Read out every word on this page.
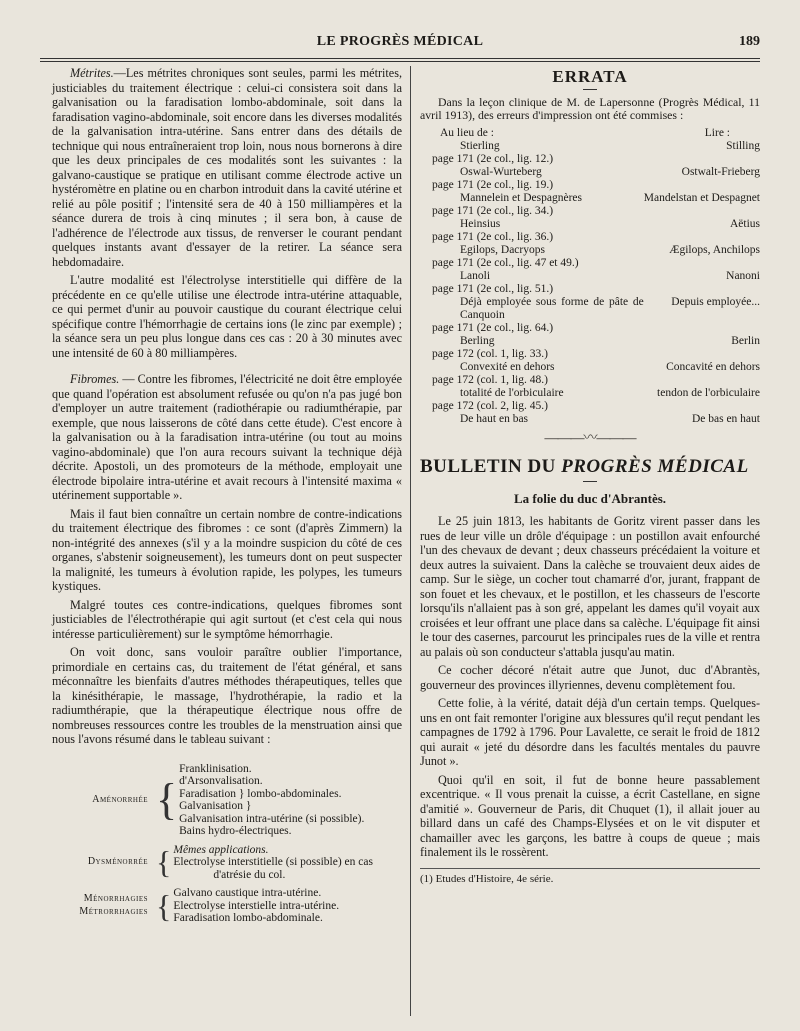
LE PROGRÈS MÉDICAL	189

Métrites.—Les métrites chroniques sont seules, parmi les métrites, justiciables du traitement électrique : celui-ci consistera soit dans la galvanisation ou la faradisation lombo-abdominale, soit dans la faradisation vagino-abdominale, soit encore dans les diverses modalités de la galvanisation intra-utérine. Sans entrer dans des détails de technique qui nous entraîneraient trop loin, nous nous bornerons à dire que les deux principales de ces modalités sont les suivantes : la galvano-caustique se pratique en utilisant comme électrode active un hystéromètre en platine ou en charbon introduit dans la cavité utérine et relié au pôle positif ; l'intensité sera de 40 à 150 milliampères et la séance durera de trois à cinq minutes ; il sera bon, à cause de l'adhérence de l'électrode aux tissus, de renverser le courant pendant quelques instants avant d'essayer de la retirer. La séance sera hebdomadaire.

L'autre modalité est l'électrolyse interstitielle qui diffère de la précédente en ce qu'elle utilise une électrode intra-utérine attaquable, ce qui permet d'unir au pouvoir caustique du courant électrique celui spécifique contre l'hémorrhagie de certains ions (le zinc par exemple) ; la séance sera un peu plus longue dans ces cas : 20 à 30 minutes avec une intensité de 60 à 80 milliampères.

Fibromes. — Contre les fibromes, l'électricité ne doit être employée que quand l'opération est absolument refusée ou qu'on n'a pas jugé bon d'employer un autre traitement (radiothérapie ou radiumthérapie, par exemple, que nous laisserons de côté dans cette étude). C'est encore à la galvanisation ou à la faradisation intra-utérine (ou tout au moins vagino-abdominale) que l'on aura recours suivant la technique déjà décrite. Apostoli, un des promoteurs de la méthode, employait une électrode bipolaire intra-utérine et avait recours à l'intensité maxima « utérinement supportable ».

Mais il faut bien connaître un certain nombre de contre-indications du traitement électrique des fibromes : ce sont (d'après Zimmern) la non-intégrité des annexes (s'il y a la moindre suspicion du côté de ces organes, s'abstenir soigneusement), les tumeurs dont on peut suspecter la malignité, les tumeurs à évolution rapide, les polypes, les tumeurs kystiques.

Malgré toutes ces contre-indications, quelques fibromes sont justiciables de l'électrothérapie qui agit surtout (et c'est cela qui nous intéresse particulièrement) sur le symptôme hémorrhagie.

On voit donc, sans vouloir paraître oublier l'importance, primordiale en certains cas, du traitement de l'état général, et sans méconnaître les bienfaits d'autres méthodes thérapeutiques, telles que la kinésithérapie, le massage, l'hydrothérapie, la radio et la radiumthérapie, que la thérapeutique électrique nous offre de nombreuses ressources contre les troubles de la menstruation ainsi que nous l'avons résumé dans le tableau suivant :

Aménorrhée {
Franklinisation.
d'Arsonvalisation.
Faradisation } lombo-abdominales.
Galvanisation }
Galvanisation intra-utérine (si possible).
Bains hydro-électriques.
Dysménorrée { Mêmes applications.
Electrolyse interstitielle (si possible) en cas
d'atrésie du col.
Ménorrhagies
Métrorrhagies { Galvano caustique intra-utérine.
Electrolyse interstielle intra-utérine.
Faradisation lombo-abdominale.
ERRATA

Dans la leçon clinique de M. de Lapersonne (Progrès Médical, 11 avril 1913), des erreurs d'impression ont été commises :

Au lieu de :	Lire :
Stierling	Stilling
page 171 (2e col., lig. 12.)	
Oswal-Wurteberg	Ostwalt-Frieberg
page 171 (2e col., lig. 19.)	
Mannelein et Despagnères	Mandelstan et Despagnet
page 171 (2e col., lig. 34.)	
Heinsius	Aëtius
page 171 (2e col., lig. 36.)	
Egilops, Dacryops	Ægilops, Anchilops
page 171 (2e col., lig. 47 et 49.)	
Lanoli	Nanoni
page 171 (2e col., lig. 51.)	
Déjà employée sous forme de pâte de Canquoin	Depuis employée...
page 171 (2e col., lig. 64.)	
Berling	Berlin
page 172 (col. 1, lig. 33.)	
Convexité en dehors	Concavité en dehors
page 172 (col. 1, lig. 48.)	
totalité de l'orbiculaire	tendon de l'orbiculaire
page 172 (col. 2, lig. 45.)	
De haut en bas	De bas en haut
———〰———
BULLETIN DU PROGRÈS MÉDICAL
La folie du duc d'Abrantès.

Le 25 juin 1813, les habitants de Goritz virent passer dans les rues de leur ville un drôle d'équipage : un postillon avait enfourché l'un des chevaux de devant ; deux chasseurs précédaient la voiture et deux autres la suivaient. Dans la calèche se trouvaient deux aides de camp. Sur le siège, un cocher tout chamarré d'or, jurant, frappant de son fouet et les chevaux, et le postillon, et les chasseurs de l'escorte lorsqu'ils n'allaient pas à son gré, appelant les dames qu'il voyait aux croisées et leur offrant une place dans sa calèche. L'équipage fit ainsi le tour des casernes, parcourut les principales rues de la ville et rentra au palais où son conducteur s'attabla jusqu'au matin.

Ce cocher décoré n'était autre que Junot, duc d'Abrantès, gouverneur des provinces illyriennes, devenu complètement fou.

Cette folie, à la vérité, datait déjà d'un certain temps. Quelques-uns en ont fait remonter l'origine aux blessures qu'il reçut pendant les campagnes de 1792 à 1796. Pour Lavalette, ce serait le froid de 1812 qui aurait « jeté du désordre dans les facultés mentales du pauvre Junot ».

Quoi qu'il en soit, il fut de bonne heure passablement excentrique. « Il vous prenait la cuisse, a écrit Castellane, en signe d'amitié ». Gouverneur de Paris, dit Chuquet (1), il allait jouer au billard dans un café des Champs-Elysées et on le vit disputer et chamailler avec les garçons, les battre à coups de queue ; mais finalement ils le rossèrent.

(1) Etudes d'Histoire, 4e série.
